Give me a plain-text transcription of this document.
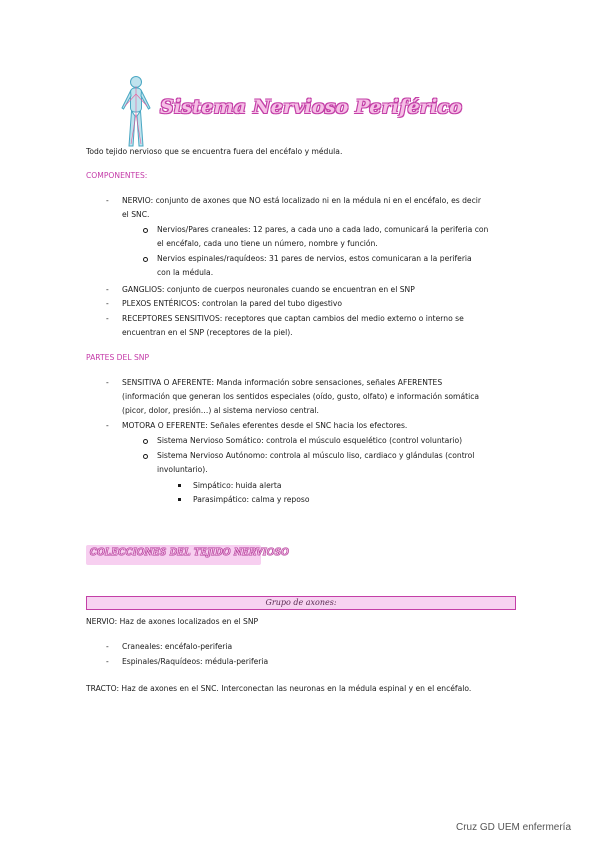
Sistema Nervioso Periférico
Todo tejido nervioso que se encuentra fuera del encéfalo y médula.
COMPONENTES:
- NERVIO: conjunto de axones que NO está localizado ni en la médula ni en el encéfalo, es decir
el SNC.
Nervios/Pares craneales: 12 pares, a cada uno a cada lado, comunicará la periferia con
el encéfalo, cada uno tiene un número, nombre y función.
Nervios espinales/raquídeos: 31 pares de nervios, estos comunicaran a la periferia
con la médula.
- GANGLIOS: conjunto de cuerpos neuronales cuando se encuentran en el SNP
- PLEXOS ENTÉRICOS: controlan la pared del tubo digestivo
- RECEPTORES SENSITIVOS: receptores que captan cambios del medio externo o interno se
encuentran en el SNP (receptores de la piel).
PARTES DEL SNP
- SENSITIVA O AFERENTE: Manda información sobre sensaciones, señales AFERENTES
(información que generan los sentidos especiales (oído, gusto, olfato) e información somática
(picor, dolor, presión…) al sistema nervioso central.
- MOTORA O EFERENTE: Señales eferentes desde el SNC hacia los efectores.
Sistema Nervioso Somático: controla el músculo esquelético (control voluntario)
Sistema Nervioso Autónomo: controla al músculo liso, cardiaco y glándulas (control
involuntario).
Simpático: huida alerta
Parasimpático: calma y reposo
COLECCIONES DEL TEJIDO NERVIOSO
Grupo de axones:
NERVIO: Haz de axones localizados en el SNP
- Craneales: encéfalo-periferia
- Espinales/Raquídeos: médula-periferia
TRACTO: Haz de axones en el SNC. Interconectan las neuronas en la médula espinal y en el encéfalo.
Cruz GD UEM enfermería
